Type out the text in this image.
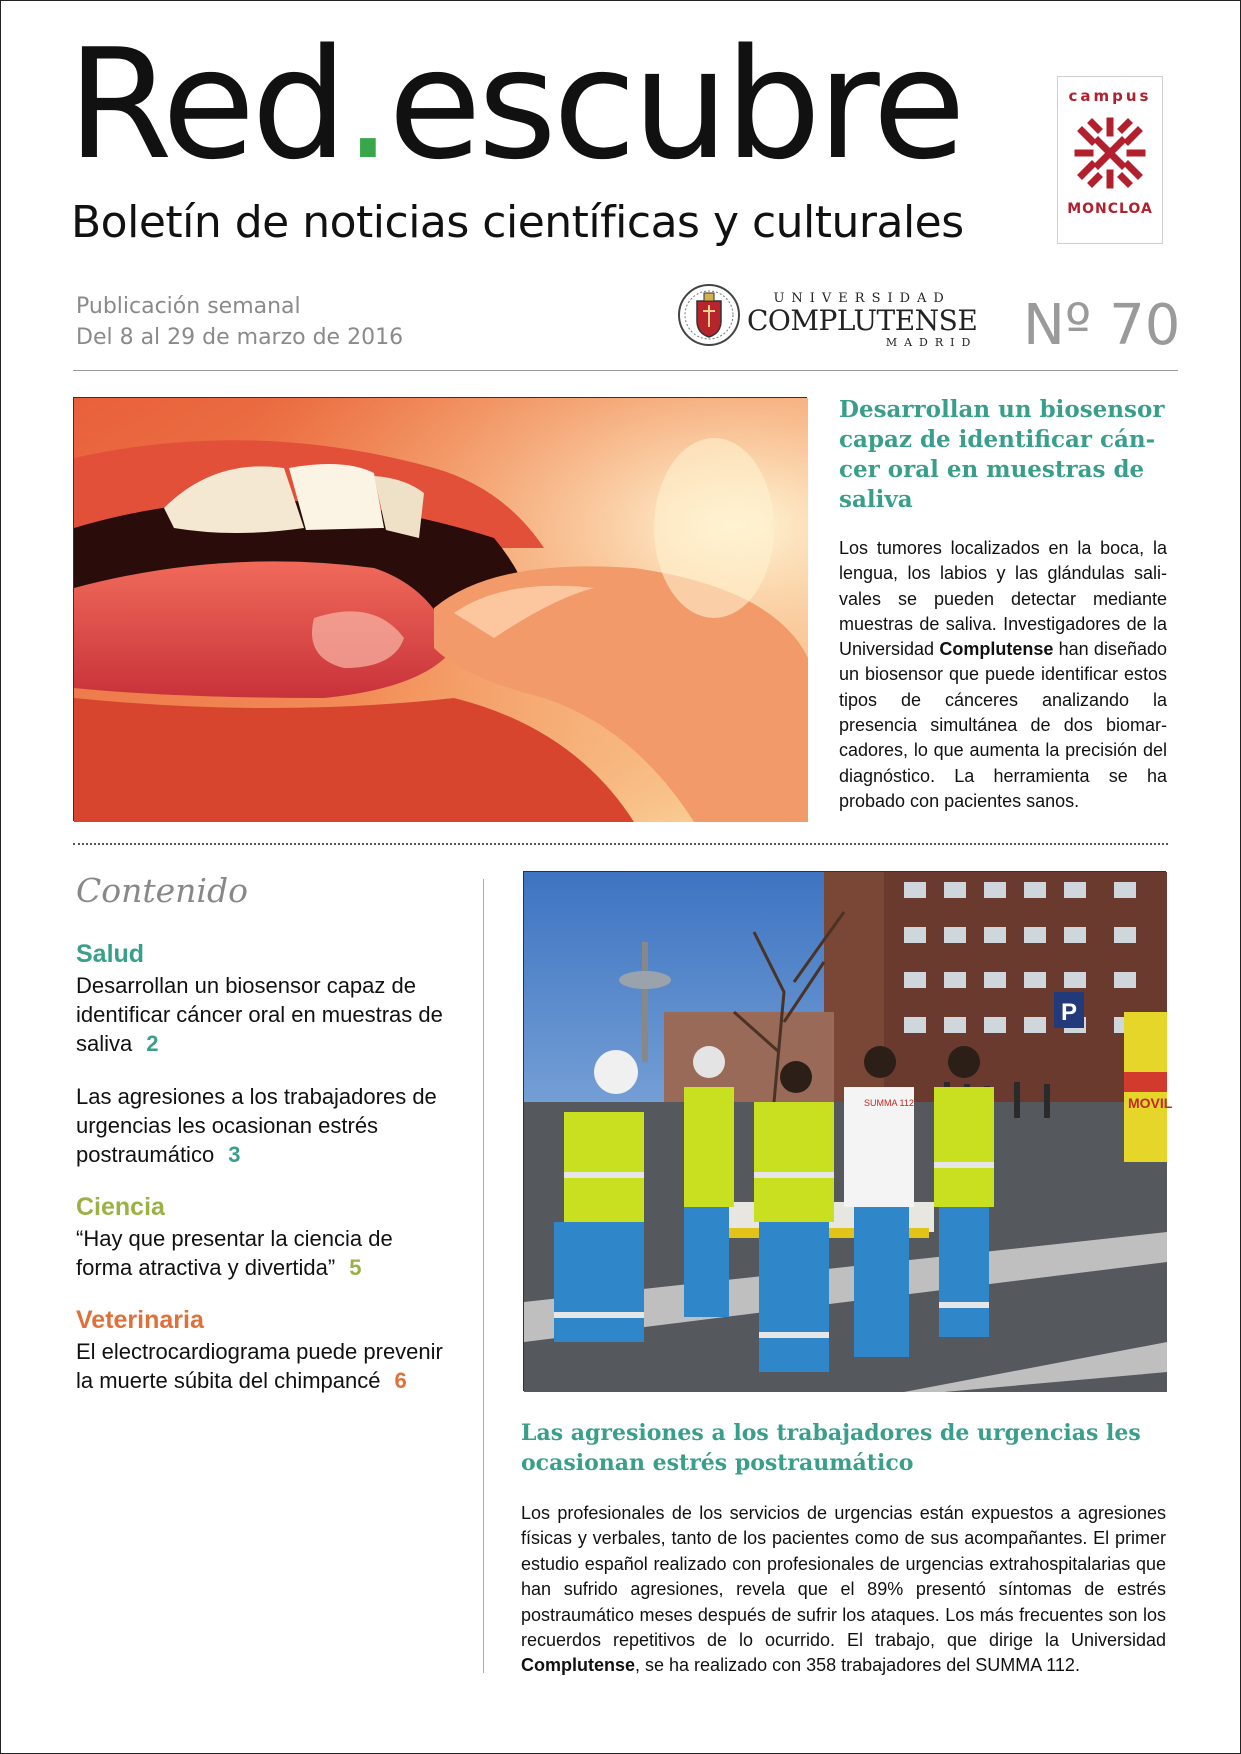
Red.escubre
Boletín de noticias científicas y culturales
campus
MONCLOA
Publicación semanal
Del 8 al 29 de marzo de 2016
UNIVERSIDAD
COMPLUTENSE
MADRID Nº 70
Desarrollan un biosensor capaz de identificar cáncer oral en muestras de saliva
Los tumores localizados en la boca, la lengua, los labios y las glándulas salivales se pueden detectar mediante muestras de saliva. Investigadores de la Universidad Complutense han diseñado un biosensor que puede identificar estos tipos de cánceres analizando la presencia simultánea de dos biomarcadores, lo que aumenta la precisión del diagnóstico. La herramienta se ha probado con pacientes sanos.
Contenido
Salud
Desarrollan un biosensor capaz de identificar cáncer oral en muestras de saliva 2
Las agresiones a los trabajadores de urgencias les ocasionan estrés postraumático 3
Ciencia
“Hay que presentar la ciencia de forma atractiva y divertida” 5
Veterinaria
El electrocardiograma puede prevenir la muerte súbita del chimpancé 6
P
MOVIL
SUMMA 112
Las agresiones a los trabajadores de urgencias les ocasionan estrés postraumático
Los profesionales de los servicios de urgencias están expuestos a agresiones físicas y verbales, tanto de los pacientes como de sus acompañantes. El primer estudio español realizado con profesionales de urgencias extrahospitalarias que han sufrido agresiones, revela que el 89% presentó síntomas de estrés postraumático meses después de sufrir los ataques. Los más frecuentes son los recuerdos repetitivos de lo ocurrido. El trabajo, que dirige la Universidad Complutense, se ha realizado con 358 trabajadores del SUMMA 112.
